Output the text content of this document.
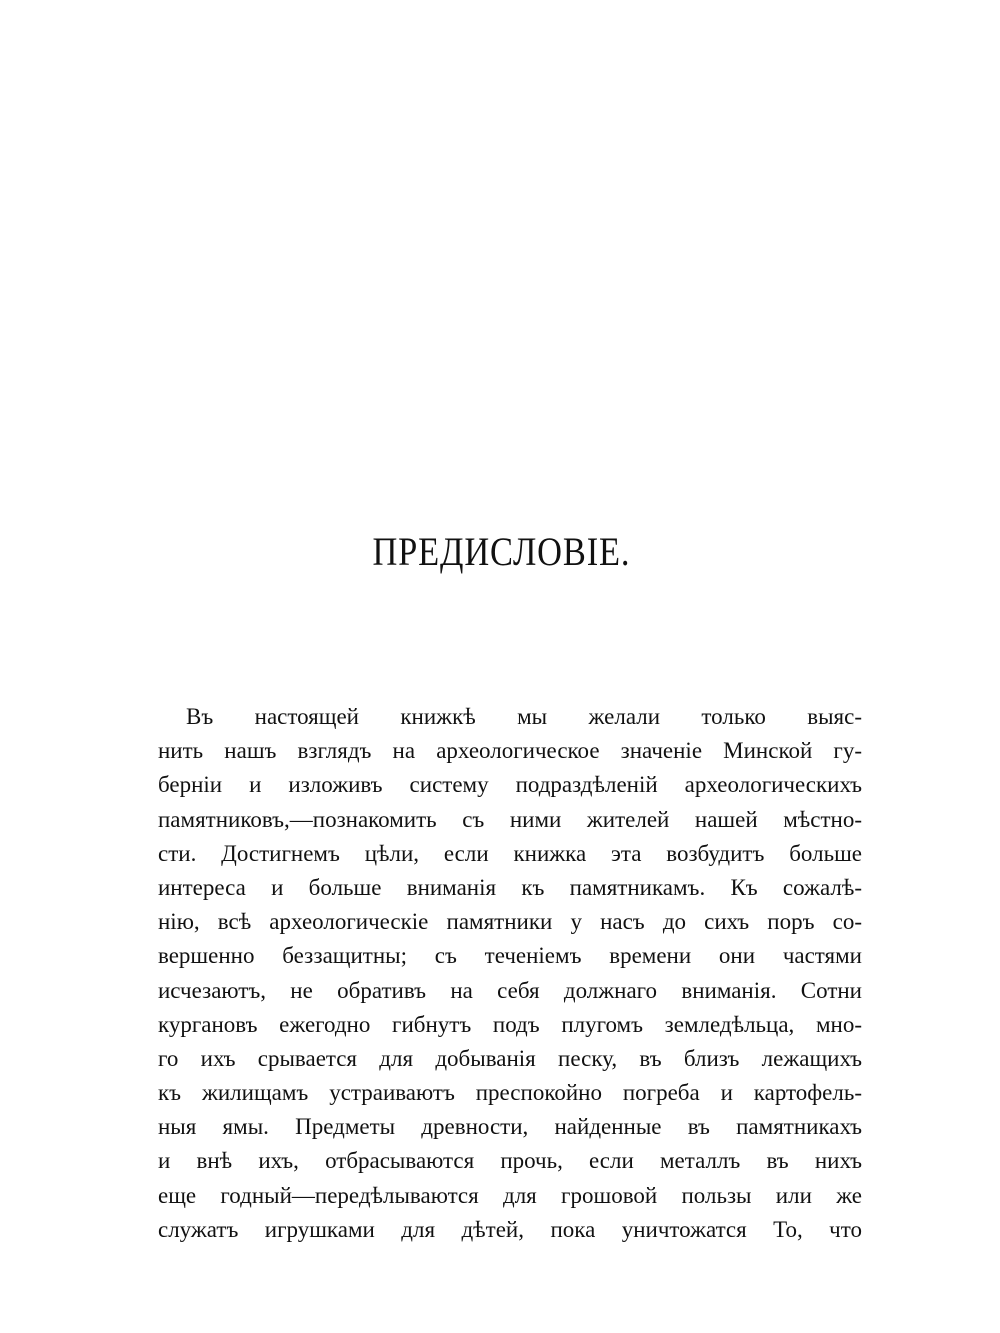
ПРЕДИСЛОВІЕ.
Въ настоящей книжкѣ мы желали только выяс-
нить нашъ взглядъ на археологическое значеніе Минской гу-
берніи и изложивъ систему подраздѣленій археологическихъ
памятниковъ,—познакомить съ ними жителей нашей мѣстно-
сти. Достигнемъ цѣли, если книжка эта возбудитъ больше
интереса и больше вниманія къ памятникамъ. Къ сожалѣ-
нію, всѣ археологическіе памятники у насъ до сихъ поръ со-
вершенно беззащитны; съ теченіемъ времени они частями
исчезаютъ, не обративъ на себя должнаго вниманія. Сотни
кургановъ ежегодно гибнутъ подъ плугомъ земледѣльца, мно-
го ихъ срывается для добыванія песку, въ близъ лежащихъ
къ жилищамъ устраиваютъ преспокойно погреба и картофель-
ныя ямы. Предметы древности, найденные въ памятникахъ
и внѣ ихъ, отбрасываются прочь, если металлъ въ нихъ
еще годный—передѣлываются для грошовой пользы или же
служатъ игрушками для дѣтей, пока уничтожатся То, что
